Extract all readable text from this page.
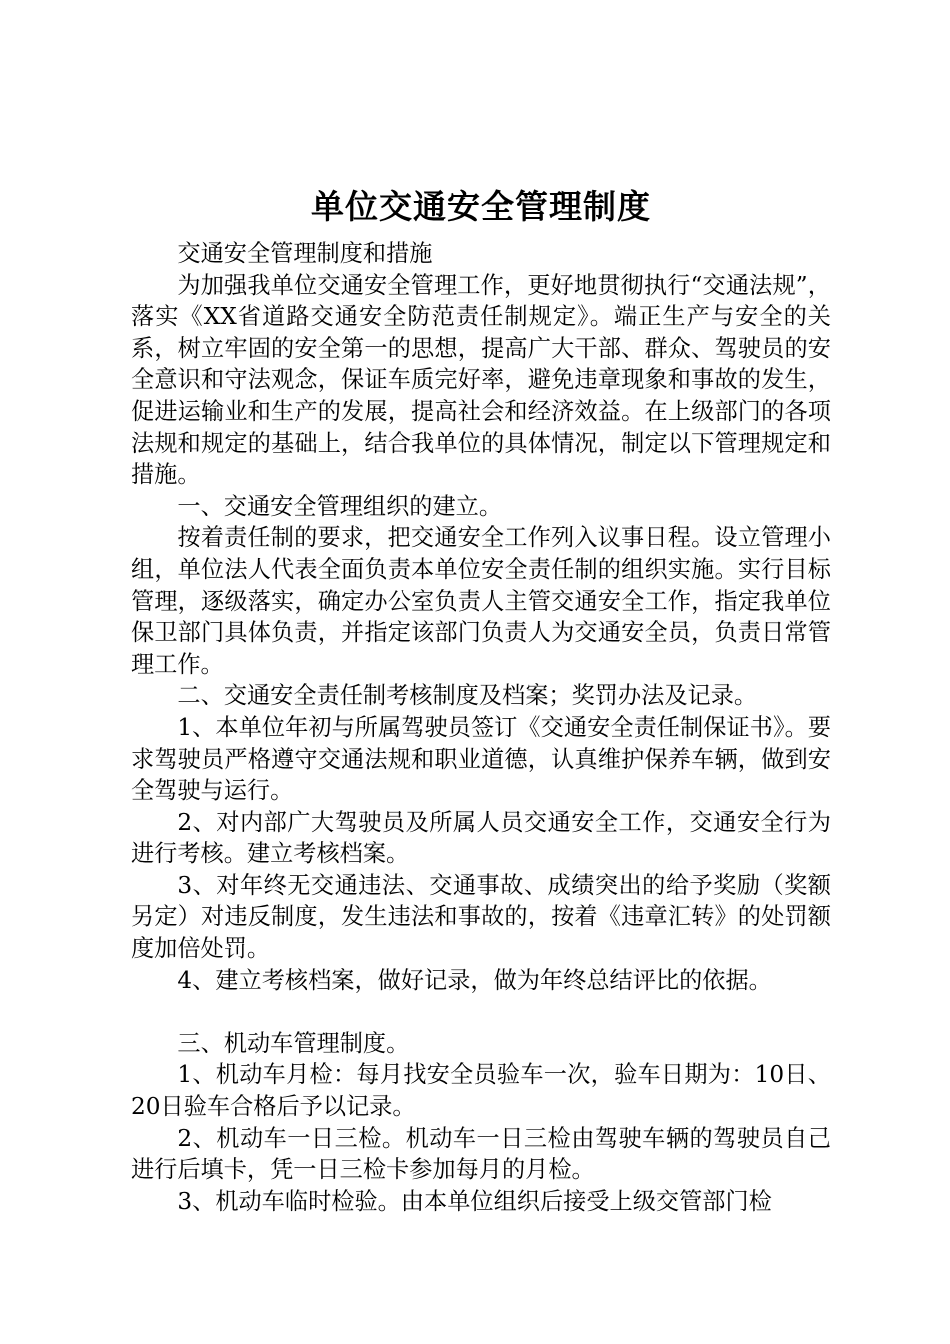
单位交通安全管理制度

交通安全管理制度和措施

为加强我单位交通安全管理工作，更好地贯彻执行“交通法规”，落实《XX省道路交通安全防范责任制规定》。端正生产与安全的关系，树立牢固的安全第一的思想，提高广大干部、群众、驾驶员的安全意识和守法观念，保证车质完好率，避免违章现象和事故的发生，促进运输业和生产的发展，提高社会和经济效益。在上级部门的各项法规和规定的基础上，结合我单位的具体情况，制定以下管理规定和措施。

一、交通安全管理组织的建立。

按着责任制的要求，把交通安全工作列入议事日程。设立管理小组，单位法人代表全面负责本单位安全责任制的组织实施。实行目标管理，逐级落实，确定办公室负责人主管交通安全工作，指定我单位保卫部门具体负责，并指定该部门负责人为交通安全员，负责日常管理工作。

二、交通安全责任制考核制度及档案；奖罚办法及记录。

1、本单位年初与所属驾驶员签订《交通安全责任制保证书》。要求驾驶员严格遵守交通法规和职业道德，认真维护保养车辆，做到安全驾驶与运行。

2、对内部广大驾驶员及所属人员交通安全工作，交通安全行为进行考核。建立考核档案。

3、对年终无交通违法、交通事故、成绩突出的给予奖励（奖额另定）对违反制度，发生违法和事故的，按着《违章汇转》的处罚额度加倍处罚。

4、建立考核档案，做好记录，做为年终总结评比的依据。

三、机动车管理制度。

1、机动车月检：每月找安全员验车一次，验车日期为：10日、20日验车合格后予以记录。

2、机动车一日三检。机动车一日三检由驾驶车辆的驾驶员自己进行后填卡，凭一日三检卡参加每月的月检。

3、机动车临时检验。由本单位组织后接受上级交管部门检
